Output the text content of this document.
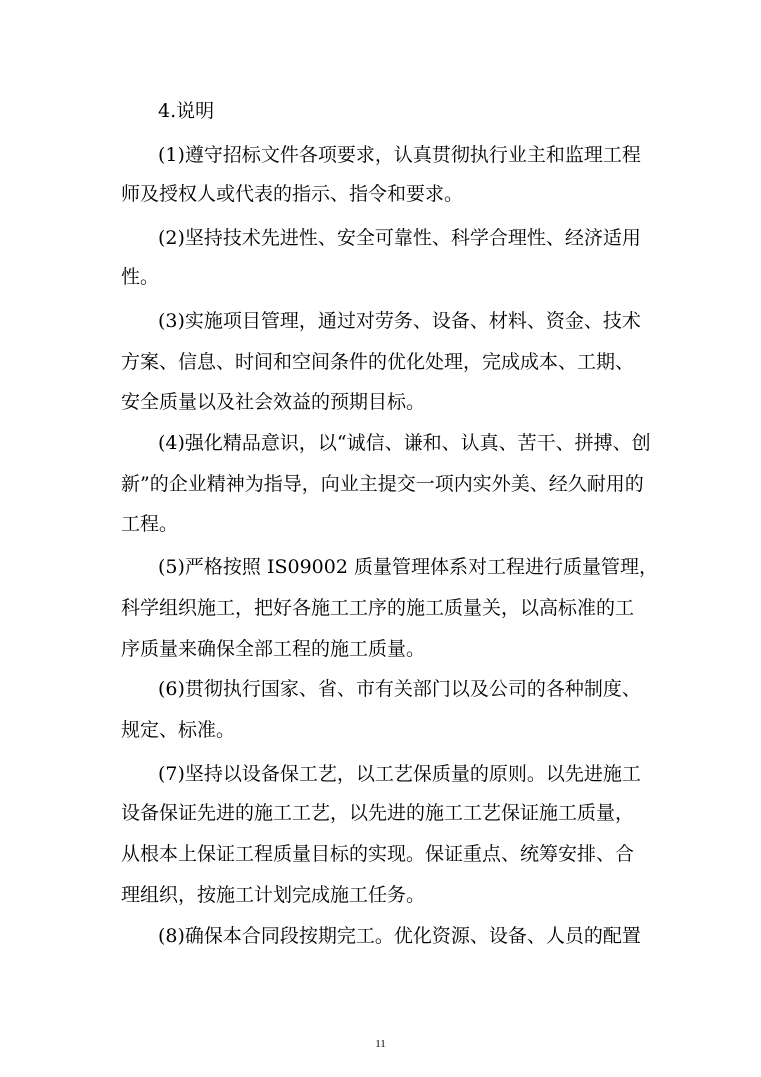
4.说明

(1)遵守招标文件各项要求，认真贯彻执行业主和监理工程

师及授权人或代表的指示、指令和要求。

(2)坚持技术先进性、安全可靠性、科学合理性、经济适用

性。

(3)实施项目管理，通过对劳务、设备、材料、资金、技术

方案、信息、时间和空间条件的优化处理，完成成本、工期、

安全质量以及社会效益的预期目标。

(4)强化精品意识，以“诚信、谦和、认真、苦干、拼搏、创

新”的企业精神为指导，向业主提交一项内实外美、经久耐用的

工程。

(5)严格按照 IS09002 质量管理体系对工程进行质量管理，

科学组织施工，把好各施工工序的施工质量关，以高标准的工

序质量来确保全部工程的施工质量。

(6)贯彻执行国家、省、市有关部门以及公司的各种制度、

规定、标准。

(7)坚持以设备保工艺，以工艺保质量的原则。以先进施工

设备保证先进的施工工艺，以先进的施工工艺保证施工质量，

从根本上保证工程质量目标的实现。保证重点、统筹安排、合

理组织，按施工计划完成施工任务。

(8)确保本合同段按期完工。优化资源、设备、人员的配置

11
